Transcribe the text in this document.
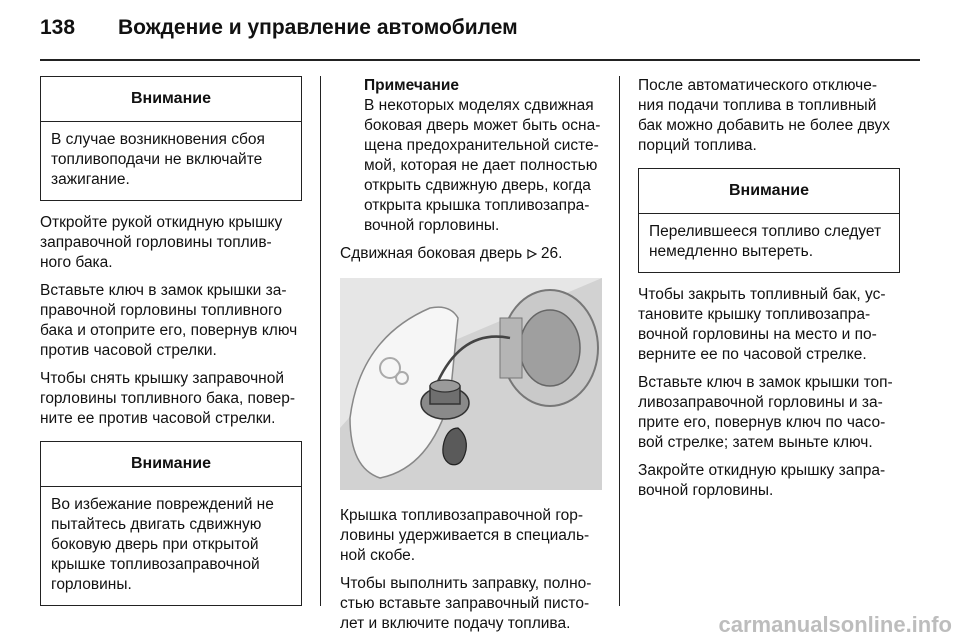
138 Вождение и управление автомобилем
Внимание
В случае возникновения сбоя
топливоподачи не включайте
зажигание.

Откройте рукой откидную крышку
заправочной горловины топлив-
ного бака.

Вставьте ключ в замок крышки за-
правочной горловины топливного
бака и отоприте его, повернув ключ
против часовой стрелки.

Чтобы снять крышку заправочной
горловины топливного бака, повер-
ните ее против часовой стрелки.

Внимание
Во избежание повреждений не
пытайтесь двигать сдвижную
боковую дверь при открытой
крышке топливозаправочной
горловины.
Примечание
В некоторых моделях сдвижная
боковая дверь может быть осна-
щена предохранительной систе-
мой, которая не дает полностью
открыть сдвижную дверь, когда
открыта крышка топливозапра-
вочной горловины.

Сдвижная боковая дверь 26.

Крышка топливозаправочной гор-
ловины удерживается в специаль-
ной скобе.

Чтобы выполнить заправку, полно-
стью вставьте заправочный писто-
лет и включите подачу топлива.

После автоматического отключе-
ния подачи топлива в топливный
бак можно добавить не более двух
порций топлива.

Внимание
Перелившееся топливо следует
немедленно вытереть.

Чтобы закрыть топливный бак, ус-
тановите крышку топливозапра-
вочной горловины на место и по-
верните ее по часовой стрелке.

Вставьте ключ в замок крышки топ-
ливозаправочной горловины и за-
прите его, повернув ключ по часо-
вой стрелке; затем выньте ключ.

Закройте откидную крышку запра-
вочной горловины.

carmanualsonline.info
